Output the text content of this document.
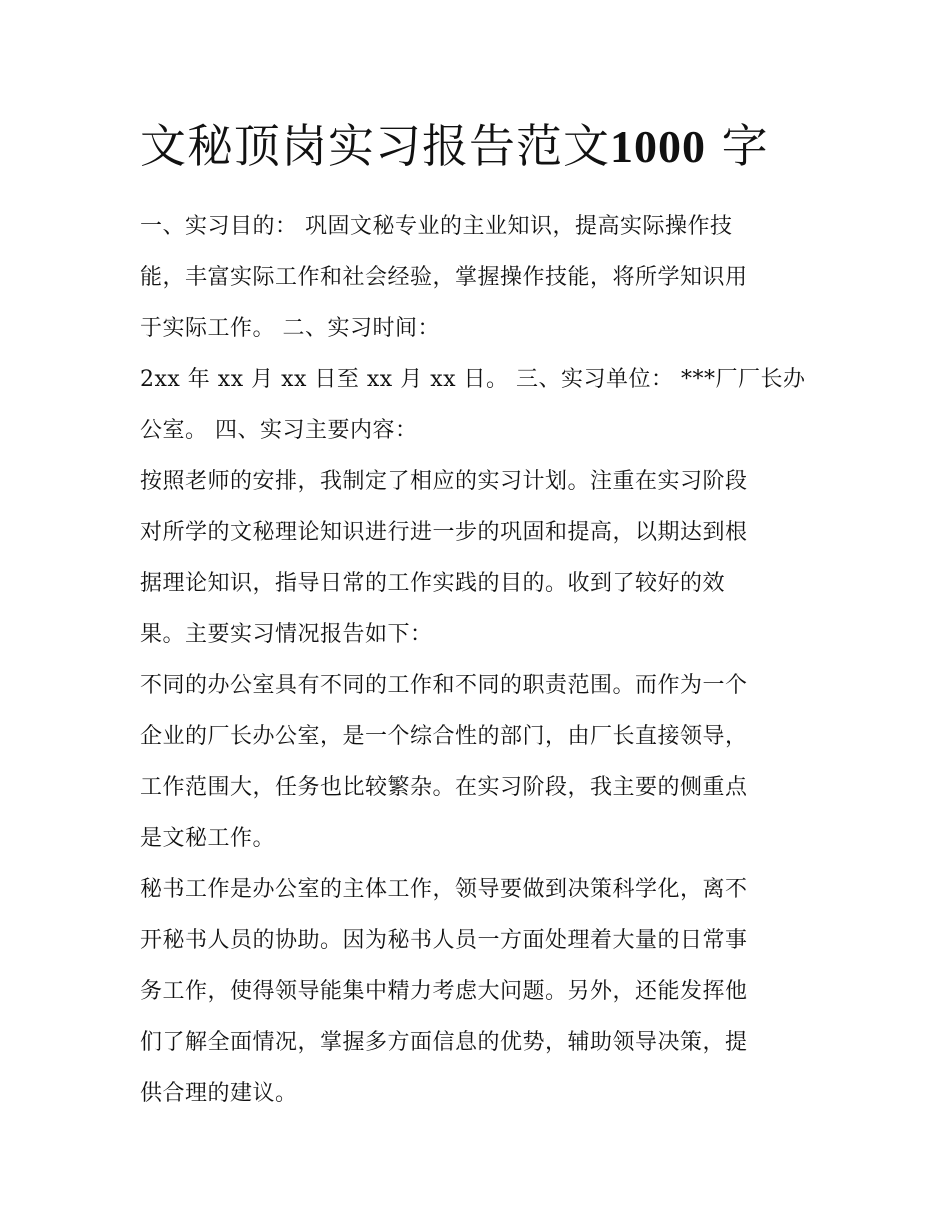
文秘顶岗实习报告范文1000 字
一、实习目的： 巩固文秘专业的主业知识，提高实际操作技
能，丰富实际工作和社会经验，掌握操作技能，将所学知识用
于实际工作。 二、实习时间：
2xx 年 xx 月 xx 日至 xx 月 xx 日。 三、实习单位： ***厂厂长办
公室。 四、实习主要内容：
按照老师的安排，我制定了相应的实习计划。注重在实习阶段
对所学的文秘理论知识进行进一步的巩固和提高，以期达到根
据理论知识，指导日常的工作实践的目的。收到了较好的效
果。主要实习情况报告如下：
不同的办公室具有不同的工作和不同的职责范围。而作为一个
企业的厂长办公室，是一个综合性的部门，由厂长直接领导，
工作范围大，任务也比较繁杂。在实习阶段，我主要的侧重点
是文秘工作。
秘书工作是办公室的主体工作，领导要做到决策科学化，离不
开秘书人员的协助。因为秘书人员一方面处理着大量的日常事
务工作，使得领导能集中精力考虑大问题。另外，还能发挥他
们了解全面情况，掌握多方面信息的优势，辅助领导决策，提
供合理的建议。
